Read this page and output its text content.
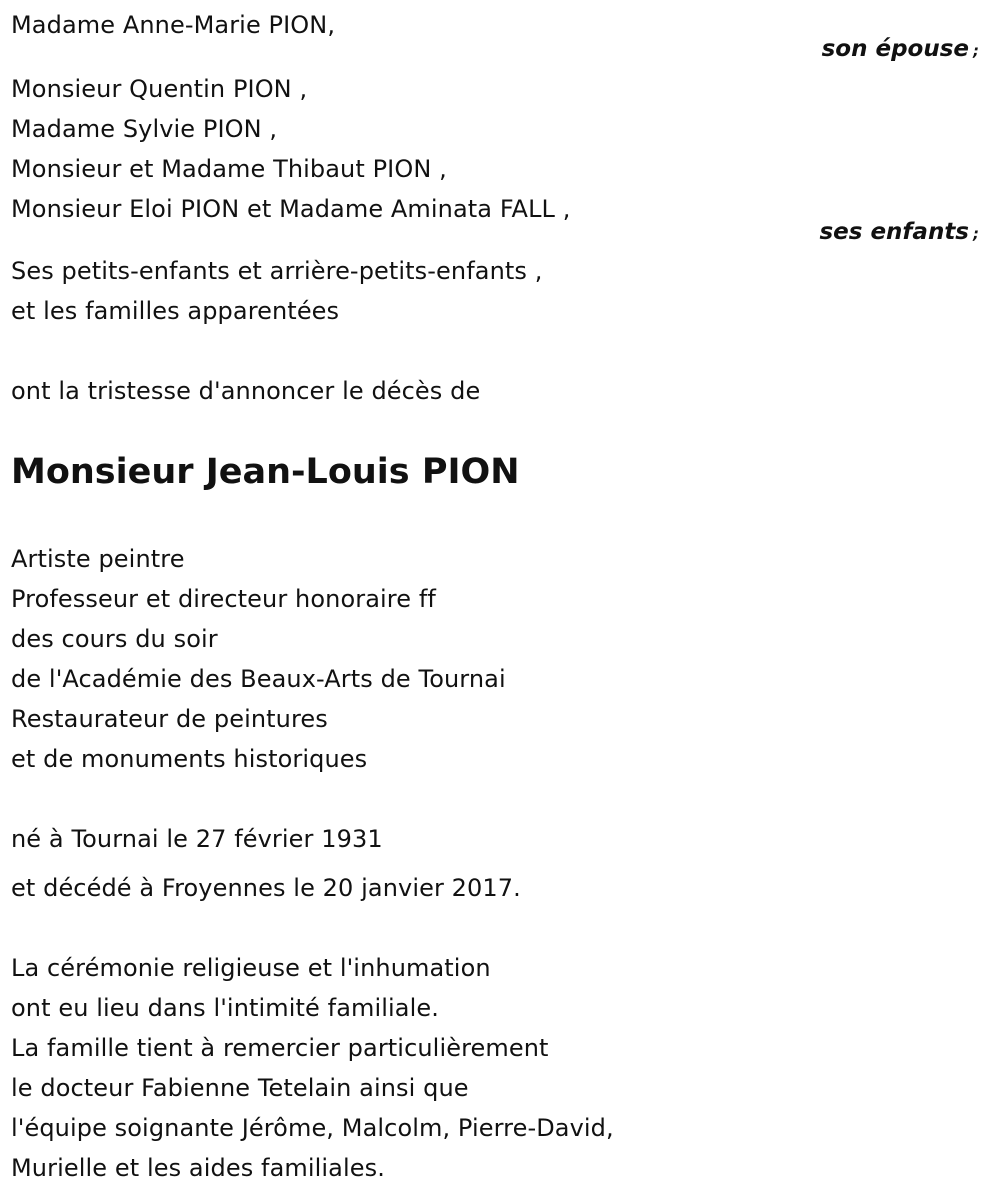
Madame Anne-Marie PION,
son épouse ;
Monsieur Quentin PION ,
Madame Sylvie PION ,
Monsieur et Madame Thibaut PION ,
Monsieur Eloi PION et Madame Aminata FALL ,
ses enfants ;
Ses petits-enfants et arrière-petits-enfants ,
et les familles apparentées
ont la tristesse d'annoncer le décès de
Monsieur Jean-Louis PION
Artiste peintre
Professeur et directeur honoraire ff
des cours du soir
de l'Académie des Beaux-Arts de Tournai
Restaurateur de peintures
et de monuments historiques
né à Tournai le 27 février 1931
et décédé à Froyennes le 20 janvier 2017.
La cérémonie religieuse et l'inhumation
ont eu lieu dans l'intimité familiale.
La famille tient à remercier particulièrement
le docteur Fabienne Tetelain ainsi que
l'équipe soignante Jérôme, Malcolm, Pierre-David,
Murielle et les aides familiales.
